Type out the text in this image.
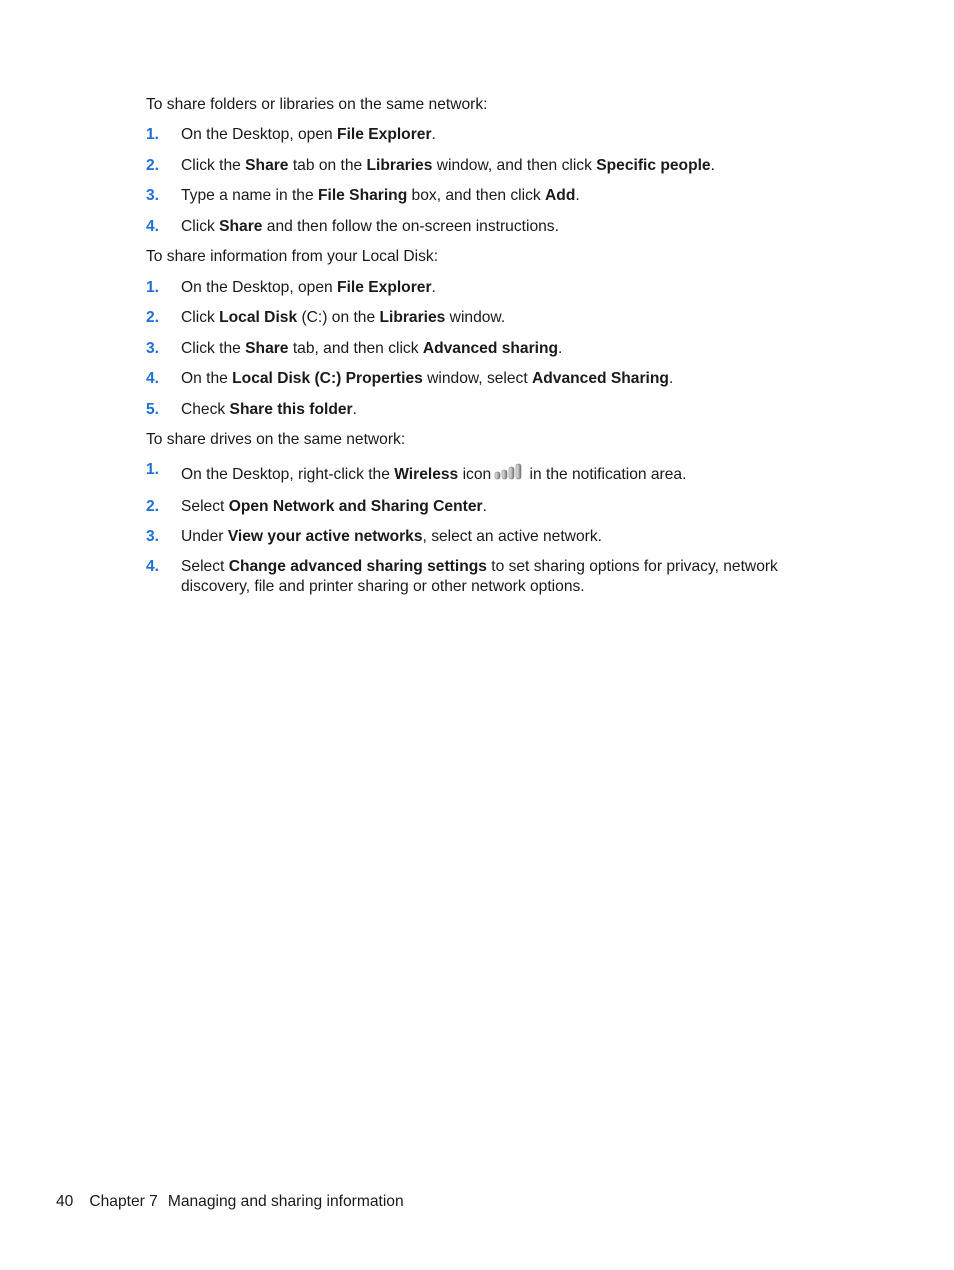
To share folders or libraries on the same network:
1. On the Desktop, open File Explorer.
2. Click the Share tab on the Libraries window, and then click Specific people.
3. Type a name in the File Sharing box, and then click Add.
4. Click Share and then follow the on-screen instructions.
To share information from your Local Disk:
1. On the Desktop, open File Explorer.
2. Click Local Disk (C:) on the Libraries window.
3. Click the Share tab, and then click Advanced sharing.
4. On the Local Disk (C:) Properties window, select Advanced Sharing.
5. Check Share this folder.
To share drives on the same network:
1. On the Desktop, right-click the Wireless icon in the notification area.
2. Select Open Network and Sharing Center.
3. Under View your active networks, select an active network.
4. Select Change advanced sharing settings to set sharing options for privacy, network discovery, file and printer sharing or other network options.
40 Chapter 7 Managing and sharing information
